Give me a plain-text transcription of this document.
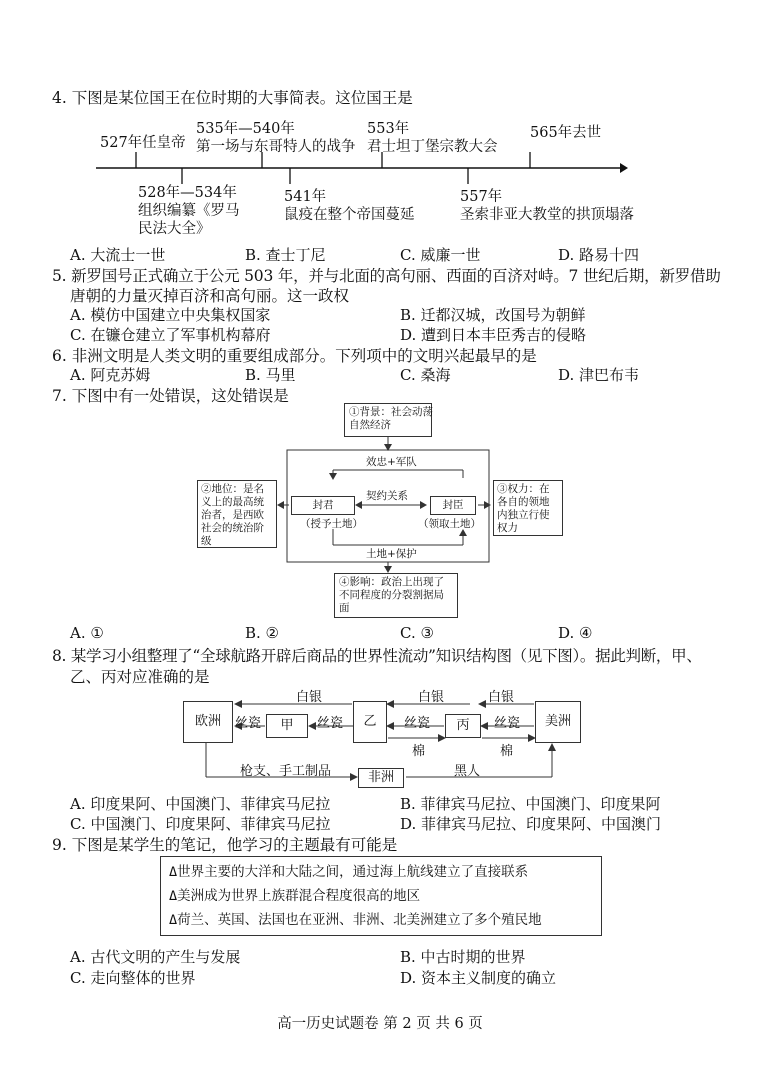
4. 下图是某位国王在位时期的大事简表。这位国王是
527年任皇帝
535年—540年
第一场与东哥特人的战争
553年
君士坦丁堡宗教大会
565年去世
528年—534年
组织编纂《罗马
民法大全》
541年
鼠疫在整个帝国蔓延
557年
圣索非亚大教堂的拱顶塌落
A. 大流士一世	B. 查士丁尼	C. 威廉一世	D. 路易十四
5. 新罗国号正式确立于公元 503 年，并与北面的高句丽、西面的百济对峙。7 世纪后期，新罗借助
唐朝的力量灭掉百济和高句丽。这一政权
A. 模仿中国建立中央集权国家	B. 迁都汉城，改国号为朝鲜
C. 在镰仓建立了军事机构幕府	D. 遭到日本丰臣秀吉的侵略
6. 非洲文明是人类文明的重要组成部分。下列项中的文明兴起最早的是
A. 阿克苏姆	B. 马里	C. 桑海	D. 津巴布韦
7. 下图中有一处错误，这处错误是
①背景：社会动荡
自然经济
效忠+军队
②地位：是名
义上的最高统
治者，是西欧
社会的统治阶
级
封君
（授予土地）
契约关系
封臣
（领取土地）
③权力：在
各自的领地
内独立行使
权力
土地+保护
④影响：政治上出现了
不同程度的分裂割据局
面
A. ①	B. ②	C. ③	D. ④
8. 某学习小组整理了“全球航路开辟后商品的世界性流动”知识结构图（见下图）。据此判断，甲、
乙、丙对应准确的是
欧洲	甲	乙	丙	美洲
非洲
白银	白银	白银
丝瓷	丝瓷	丝瓷	丝瓷
棉	棉
枪支、手工制品	黑人
A. 印度果阿、中国澳门、菲律宾马尼拉	B. 菲律宾马尼拉、中国澳门、印度果阿
C. 中国澳门、印度果阿、菲律宾马尼拉	D. 菲律宾马尼拉、印度果阿、中国澳门
9. 下图是某学生的笔记，他学习的主题最有可能是
Δ世界主要的大洋和大陆之间，通过海上航线建立了直接联系
Δ美洲成为世界上族群混合程度很高的地区
Δ荷兰、英国、法国也在亚洲、非洲、北美洲建立了多个殖民地
A. 古代文明的产生与发展	B. 中古时期的世界
C. 走向整体的世界	D. 资本主义制度的确立
高一历史试题卷 第 2 页 共 6 页
